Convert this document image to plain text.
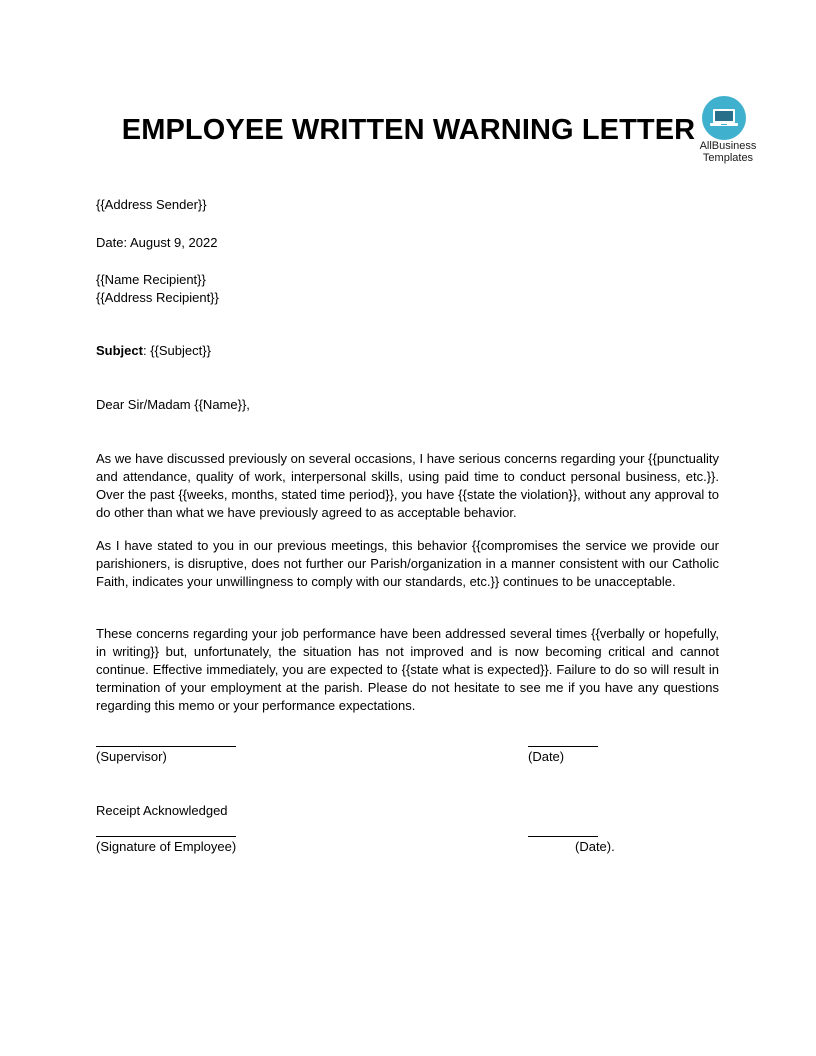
EMPLOYEE WRITTEN WARNING LETTER AllBusiness
Templates
{{Address Sender}}
Date: August 9, 2022
{{Name Recipient}}
{{Address Recipient}}
Subject: {{Subject}}
Dear Sir/Madam {{Name}},

As we have discussed previously on several occasions, I have serious concerns regarding your {{punctuality and attendance, quality of work, interpersonal skills, using paid time to conduct personal business, etc.}}. Over the past {{weeks, months, stated time period}}, you have {{state the violation}}, without any approval to do other than what we have previously agreed to as acceptable behavior.

As I have stated to you in our previous meetings, this behavior {{compromises the service we provide our parishioners, is disruptive, does not further our Parish/organization in a manner consistent with our Catholic Faith, indicates your unwillingness to comply with our standards, etc.}} continues to be unacceptable.

These concerns regarding your job performance have been addressed several times {{verbally or hopefully, in writing}} but, unfortunately, the situation has not improved and is now becoming critical and cannot continue. Effective immediately, you are expected to {{state what is expected}}. Failure to do so will result in termination of your employment at the parish. Please do not hesitate to see me if you have any questions regarding this memo or your performance expectations.

(Supervisor)	(Date)
Receipt Acknowledged
(Signature of Employee)	(Date).
